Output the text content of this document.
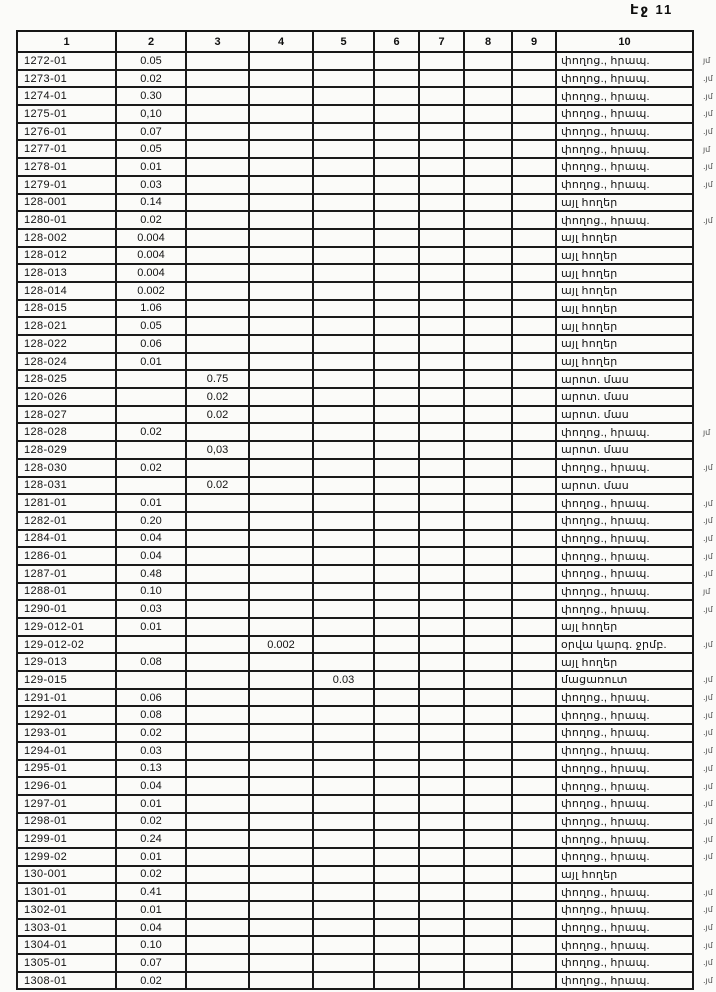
Էջ 11
1	2	3	4	5	6	7	8	9	10	
1272-01	0.05								փողոց., հրապ.	յմ
1273-01	0.02								փողոց., հրապ.	.յմ
1274-01	0.30								փողոց., հրապ.	.յմ
1275-01	0,10								փողոց., հրապ.	.յմ
1276-01	0.07								փողոց., հրապ.	.յմ
1277-01	0.05								փողոց., հրապ.	յմ
1278-01	0.01								փողոց., հրապ.	.յմ
1279-01	0.03								փողոց., հրապ.	.յմ
128-001	0.14								այլ հողեր	
1280-01	0.02								փողոց., հրապ.	.յմ
128-002	0.004								այլ հողեր	
128-012	0.004								այլ հողեր	
128-013	0.004								այլ հողեր	
128-014	0.002								այլ հողեր	
128-015	1.06								այլ հողեր	
128-021	0.05								այլ հողեր	
128-022	0.06								այլ հողեր	
128-024	0.01								այլ հողեր	
128-025		0.75							արոտ. մաս	
120-026		0.02							արոտ. մաս	
128-027		0.02							արոտ. մաս	
128-028	0.02								փողոց., հրապ.	յմ
128-029		0,03							արոտ. մաս	
128-030	0.02								փողոց., հրապ.	.յմ
128-031		0.02							արոտ. մաս	
1281-01	0.01								փողոց., հրապ.	.յմ
1282-01	0.20								փողոց., հրապ.	.յմ
1284-01	0.04								փողոց., հրապ.	.յմ
1286-01	0.04								փողոց., հրապ.	.յմ
1287-01	0.48								փողոց., հրապ.	.յմ
1288-01	0.10								փողոց., հրապ.	յմ
1290-01	0.03								փողոց., հրապ.	.յմ
129-012-01	0.01								այլ հողեր	
129-012-02			0.002						օրվա կարգ. ջրմբ.	.յմ
129-013	0.08								այլ հողեր	
129-015				0.03					մացառուտ	.յմ
1291-01	0.06								փողոց., հրապ.	.յմ
1292-01	0.08								փողոց., հրապ.	.յմ
1293-01	0.02								փողոց., հրապ.	.յմ
1294-01	0.03								փողոց., հրապ.	.յմ
1295-01	0.13								փողոց., հրապ.	.յմ
1296-01	0.04								փողոց., հրապ.	.յմ
1297-01	0.01								փողոց., հրապ.	.յմ
1298-01	0.02								փողոց., հրապ.	.յմ
1299-01	0.24								փողոց., հրապ.	.յմ
1299-02	0.01								փողոց., հրապ.	.յմ
130-001	0.02								այլ հողեր	
1301-01	0.41								փողոց., հրապ.	.յմ
1302-01	0.01								փողոց., հրապ.	.յմ
1303-01	0.04								փողոց., հրապ.	.յմ
1304-01	0.10								փողոց., հրապ.	.յմ
1305-01	0.07								փողոց., հրապ.	.յմ
1308-01	0.02								փողոց., հրապ.	.յմ
